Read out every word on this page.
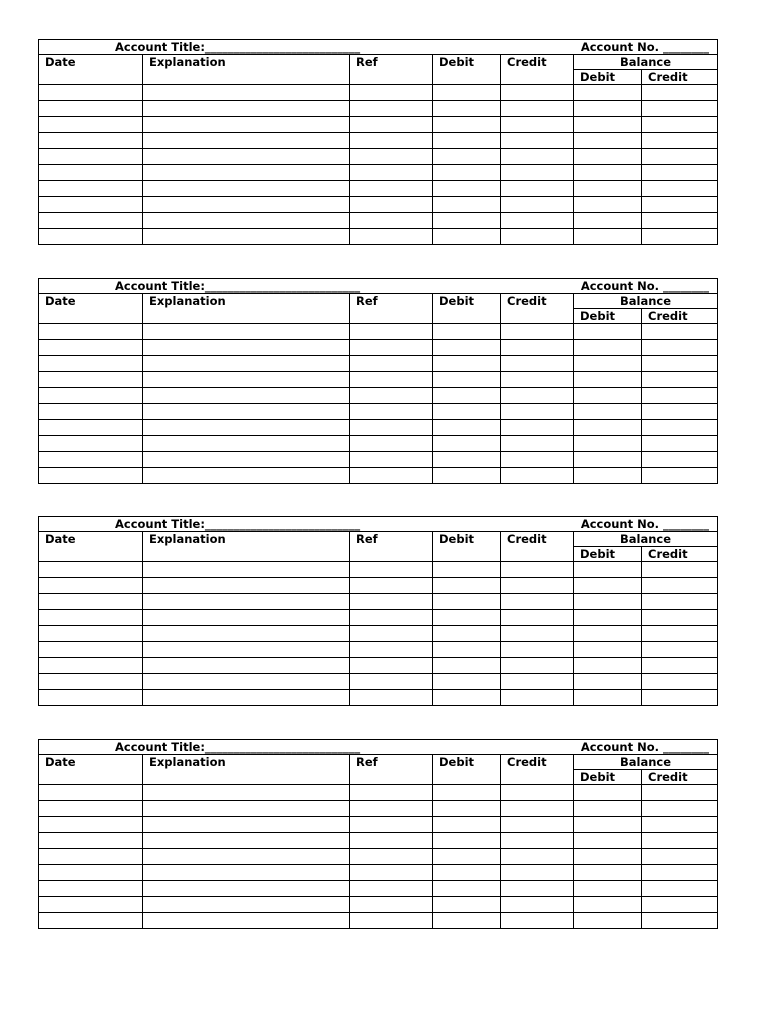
Account Title:___________________________				Account No. ________		
Date	Explanation	Ref	Debit	Credit	Balance	
					Debit	Credit

Account Title:___________________________				Account No. ________		
Date	Explanation	Ref	Debit	Credit	Balance	
					Debit	Credit

Account Title:___________________________				Account No. ________		
Date	Explanation	Ref	Debit	Credit	Balance	
					Debit	Credit

Account Title:___________________________				Account No. ________		
Date	Explanation	Ref	Debit	Credit	Balance	
					Debit	Credit
